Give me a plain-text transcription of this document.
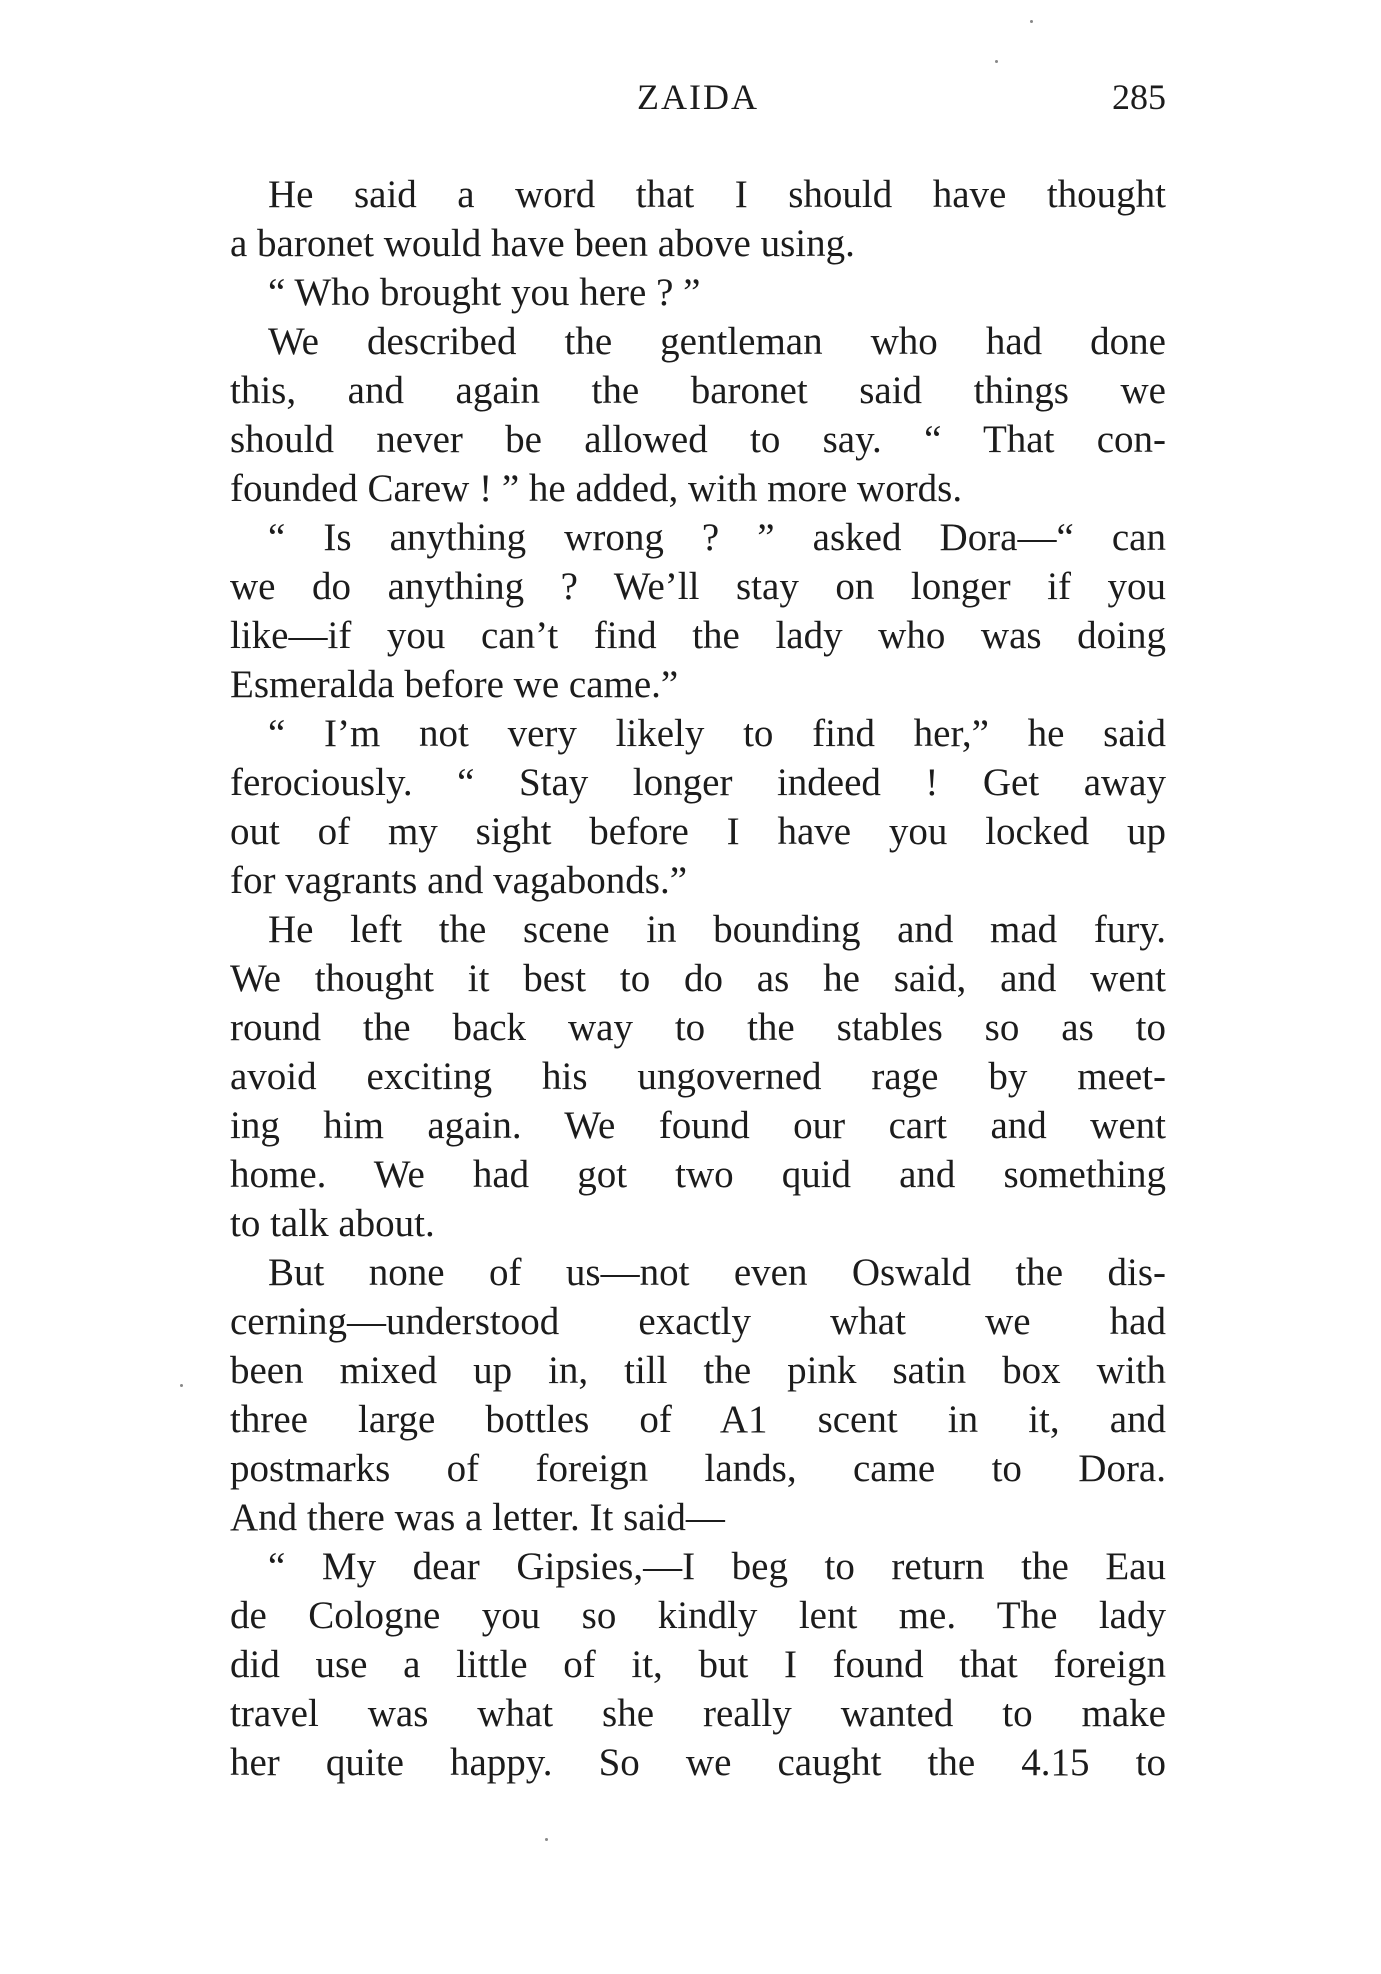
ZAIDA	285
He said a word that I should have thought
a baronet would have been above using.
“ Who brought you here ? ”
We described the gentleman who had done
this, and again the baronet said things we
should never be allowed to say. “ That con-
founded Carew ! ” he added, with more words.
“ Is anything wrong ? ” asked Dora—“ can
we do anything ? We’ll stay on longer if you
like—if you can’t find the lady who was doing
Esmeralda before we came.”
“ I’m not very likely to find her,” he said
ferociously. “ Stay longer indeed ! Get away
out of my sight before I have you locked up
for vagrants and vagabonds.”
He left the scene in bounding and mad fury.
We thought it best to do as he said, and went
round the back way to the stables so as to
avoid exciting his ungoverned rage by meet-
ing him again. We found our cart and went
home. We had got two quid and something
to talk about.
But none of us—not even Oswald the dis-
cerning—understood exactly what we had
been mixed up in, till the pink satin box with
three large bottles of A1 scent in it, and
postmarks of foreign lands, came to Dora.
And there was a letter. It said—
“ My dear Gipsies,—I beg to return the Eau
de Cologne you so kindly lent me. The lady
did use a little of it, but I found that foreign
travel was what she really wanted to make
her quite happy. So we caught the 4.15 to
